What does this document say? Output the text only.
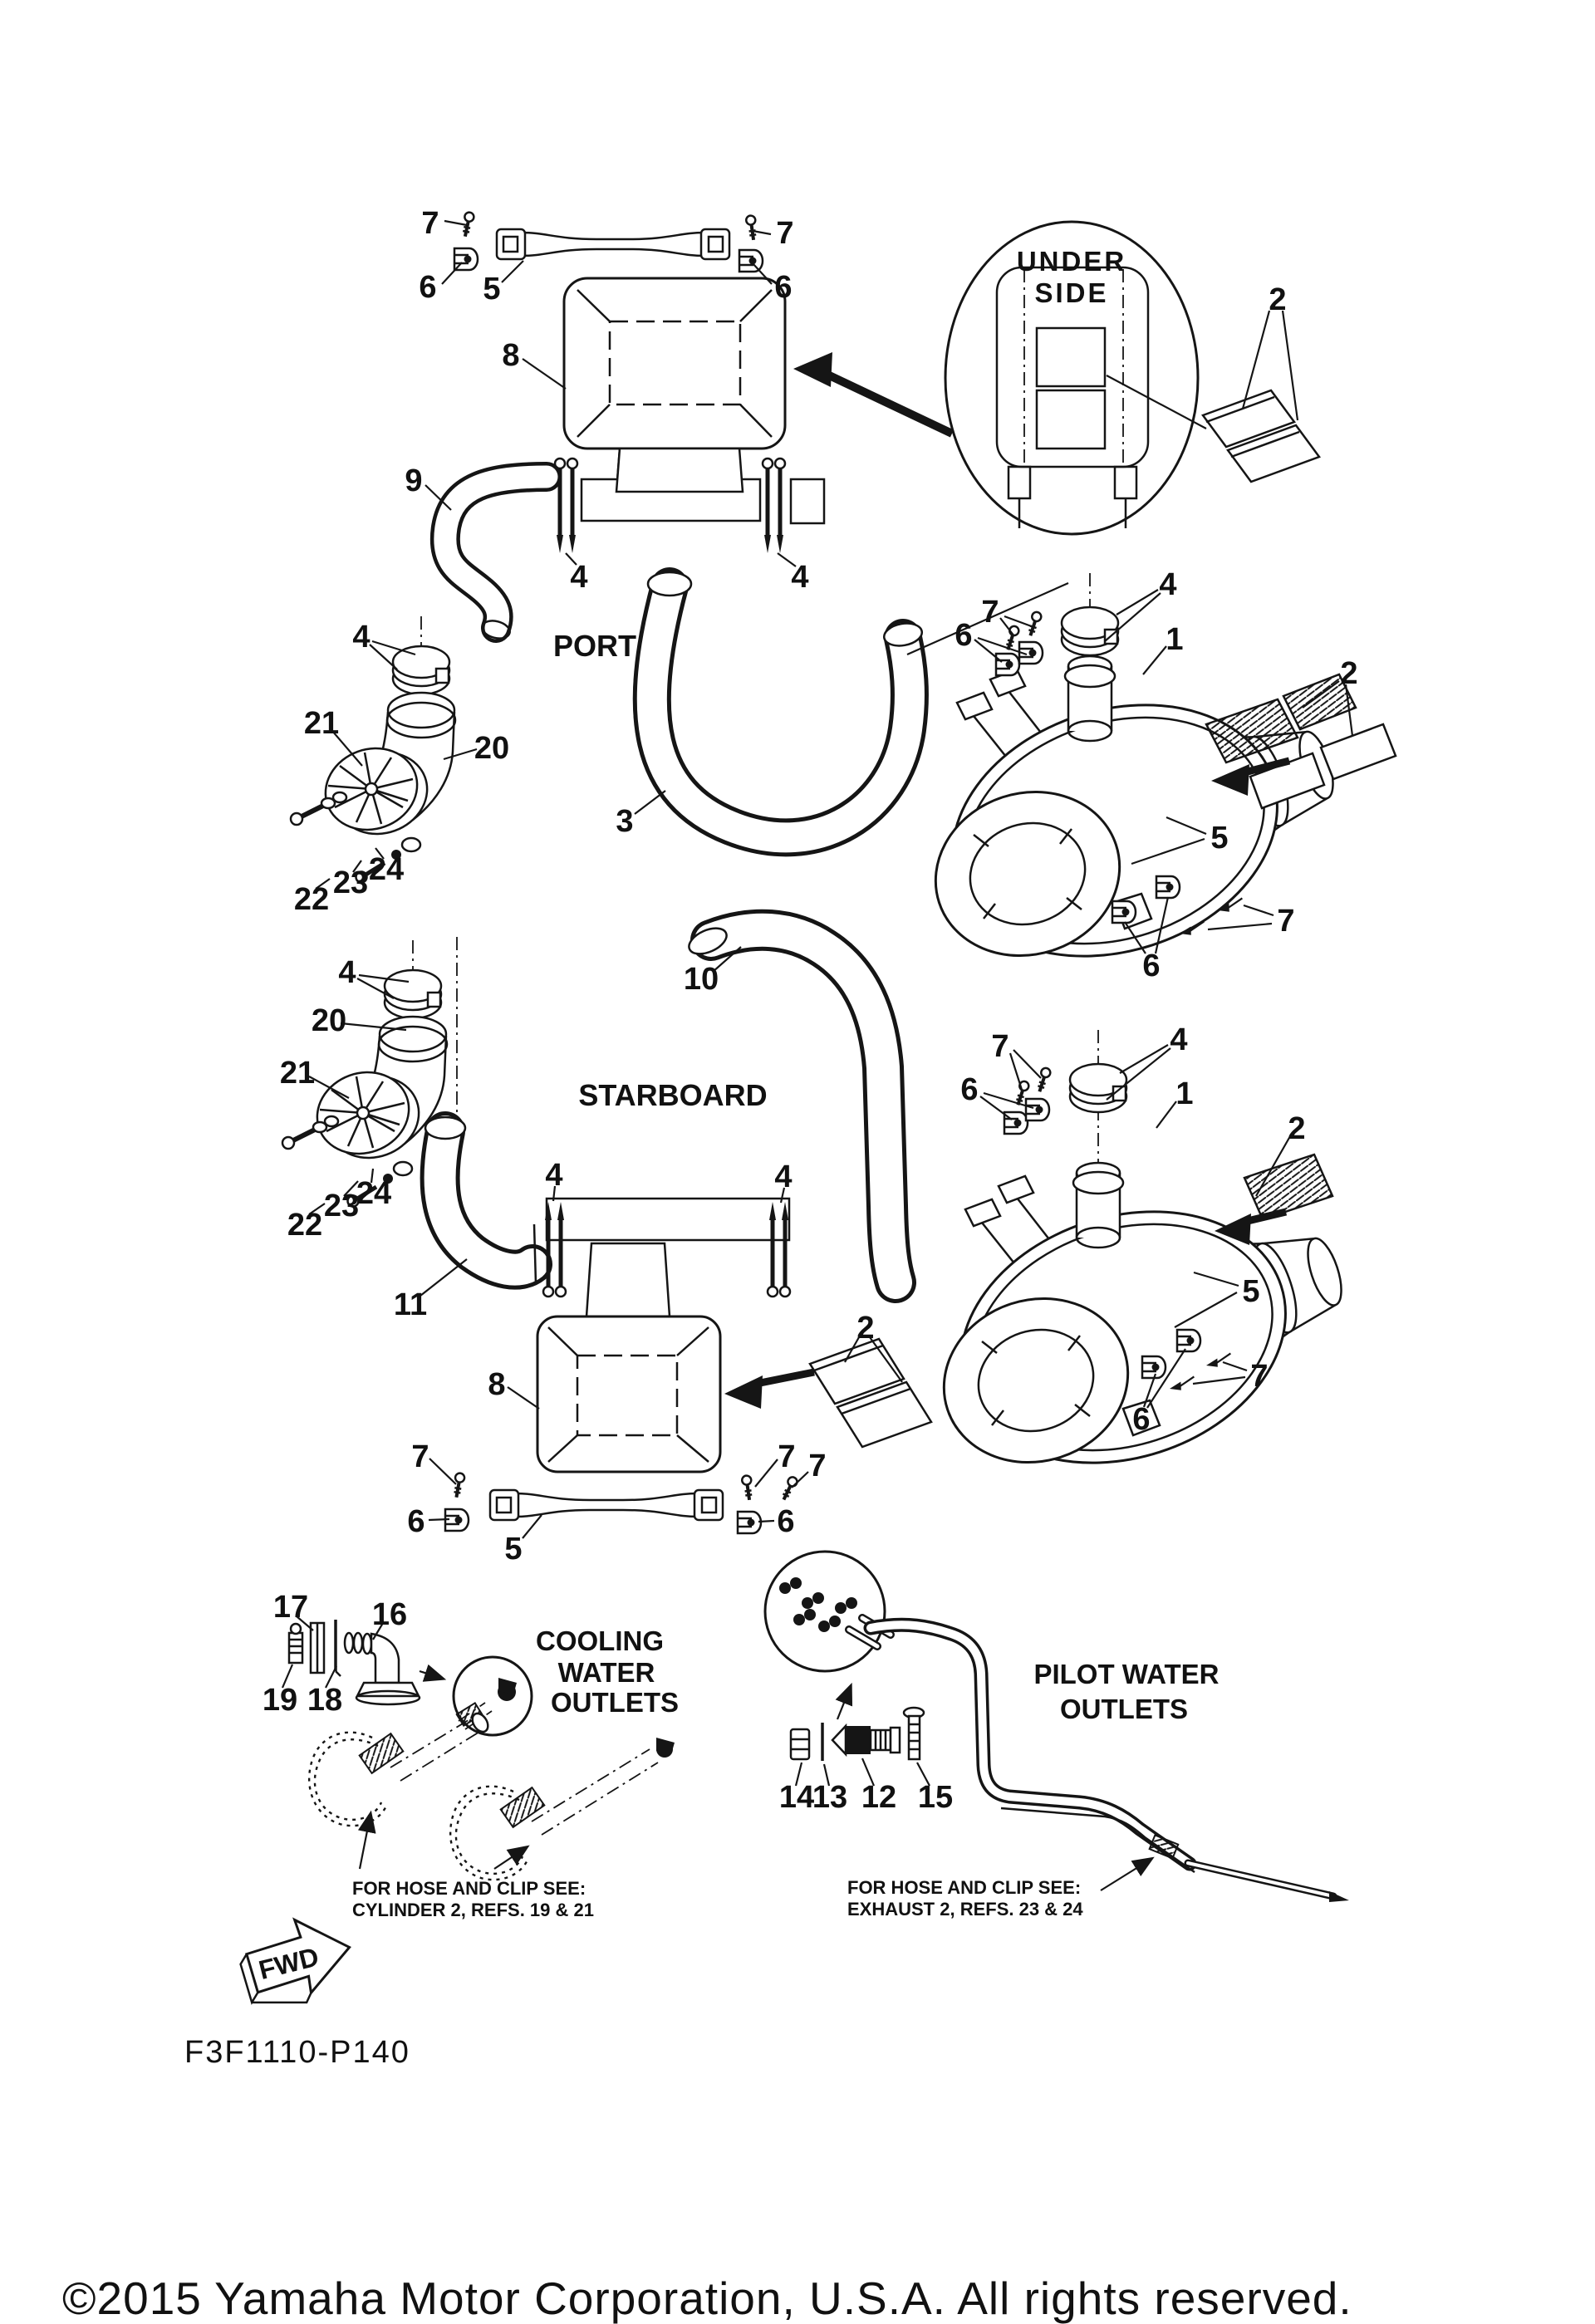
FWD
UNDER
SIDE
PORT
STARBOARD
COOLING
WATER
OUTLETS
PILOT WATER
OUTLETS
FOR HOSE AND CLIP SEE:
CYLINDER 2, REFS. 19 & 21
FOR HOSE AND CLIP SEE:
EXHAUST 2, REFS. 23 & 24
F3F1110-P140
©2015 Yamaha Motor Corporation, U.S.A. All rights reserved.
7
6 5
7
6
8
9
2
4	4
4
21
20
3
24
23
22
7
6
4
1
2
5
7
6
10
4
20
21
24
23
22
11
4	4
7
6
4
1
2
5
7
6
8
2
7
7
6
5
7
6
17 16
19 18
14
13 12 15
